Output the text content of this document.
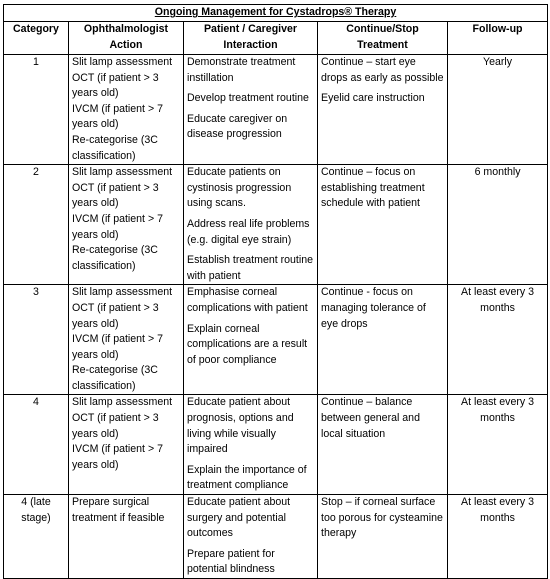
Ongoing Management for Cystadrops® Therapy				
Category	Ophthalmologist Action	Patient / Caregiver Interaction	Continue/Stop Treatment	Follow-up
1	Slit lamp assessment
OCT (if patient > 3 years old)
IVCM (if patient > 7 years old)
Re-categorise (3C classification)	Demonstrate treatment instillation
Develop treatment routine
Educate caregiver on disease progression	Continue – start eye drops as early as possible
Eyelid care instruction	Yearly
2	Slit lamp assessment
OCT (if patient > 3 years old)
IVCM (if patient > 7 years old)
Re-categorise (3C classification)	Educate patients on cystinosis progression using scans.
Address real life problems (e.g. digital eye strain)
Establish treatment routine with patient	Continue – focus on establishing treatment schedule with patient	6 monthly
3	Slit lamp assessment
OCT (if patient > 3 years old)
IVCM (if patient > 7 years old)
Re-categorise (3C classification)	Emphasise corneal complications with patient
Explain corneal complications are a result of poor compliance	Continue - focus on managing tolerance of eye drops	At least every 3 months
4	Slit lamp assessment
OCT (if patient > 3 years old)
IVCM (if patient > 7 years old)	Educate patient about prognosis, options and living while visually impaired
Explain the importance of treatment compliance	Continue – balance between general and local situation	At least every 3 months
4 (late stage)	Prepare surgical treatment if feasible	Educate patient about surgery and potential outcomes
Prepare patient for potential blindness	Stop – if corneal surface too porous for cysteamine therapy	At least every 3 months
